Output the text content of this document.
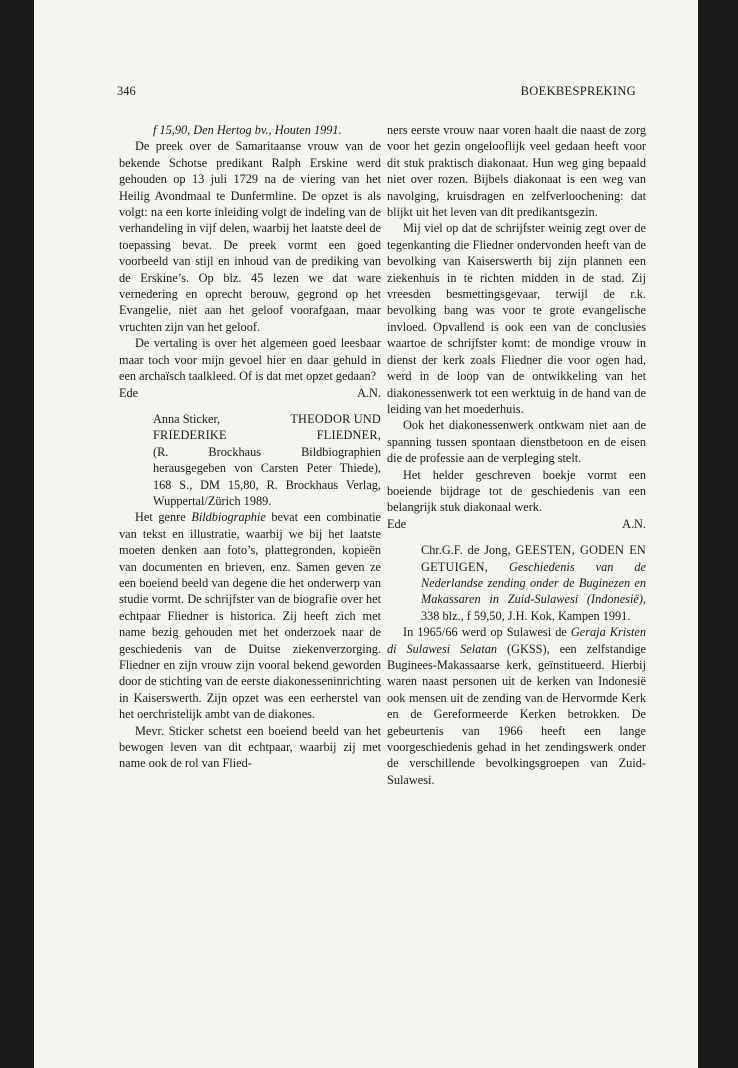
346	BOEKBESPREKING

f 15,90, Den Hertog bv., Houten 1991.

De preek over de Samaritaanse vrouw van de bekende Schotse predikant Ralph Erskine werd gehouden op 13 juli 1729 na de viering van het Heilig Avondmaal te Dunfermline. De opzet is als volgt: na een korte inleiding volgt de indeling van de verhandeling in vijf delen, waarbij het laatste deel de toepassing bevat. De preek vormt een goed voorbeeld van stijl en inhoud van de prediking van de Erskine’s. Op blz. 45 lezen we dat ware vernedering en oprecht berouw, gegrond op het Evangelie, niet aan het geloof voorafgaan, maar vruchten zijn van het geloof.

De vertaling is over het algemeen goed leesbaar maar toch voor mijn gevoel hier en daar gehuld in een archaïsch taalkleed. Of is dat met opzet gedaan?

Ede	A.N.
Anna Sticker,	THEODOR UND
FRIEDERIKE	FLIEDNER,

(R. Brockhaus Bildbiographien herausgegeben von Carsten Peter Thiede), 168 S., DM 15,80, R. Brockhaus Verlag, Wuppertal/Zürich 1989.

Het genre Bildbiographie bevat een combinatie van tekst en illustratie, waarbij we bij het laatste moeten denken aan foto’s, plattegronden, kopieën van documenten en brieven, enz. Samen geven ze een boeiend beeld van degene die het onderwerp van studie vormt. De schrijfster van de biografie over het echtpaar Fliedner is historica. Zij heeft zich met name bezig gehouden met het onderzoek naar de geschiedenis van de Duitse ziekenverzorging. Fliedner en zijn vrouw zijn vooral bekend geworden door de stichting van de eerste diakonesseninrichting in Kaiserswerth. Zijn opzet was een eerherstel van het oerchristelijk ambt van de diakones.

Mevr. Sticker schetst een boeiend beeld van het bewogen leven van dit echtpaar, waarbij zij met name ook de rol van Flied-

ners eerste vrouw naar voren haalt die naast de zorg voor het gezin ongelooflijk veel gedaan heeft voor dit stuk praktisch diakonaat. Hun weg ging bepaald niet over rozen. Bijbels diakonaat is een weg van navolging, kruisdragen en zelfverloochening: dat blijkt uit het leven van dit predikantsgezin.

Mij viel op dat de schrijfster weinig zegt over de tegenkanting die Fliedner ondervonden heeft van de bevolking van Kaiserswerth bij zijn plannen een ziekenhuis in te richten midden in de stad. Zij vreesden besmettingsgevaar, terwijl de r.k. bevolking bang was voor te grote evangelische invloed. Opvallend is ook een van de conclusies waartoe de schrijfster komt: de mondige vrouw in dienst der kerk zoals Fliedner die voor ogen had, werd in de loop van de ontwikkeling van het diakonessenwerk tot een werktuig in de hand van de leiding van het moederhuis.

Ook het diakonessenwerk ontkwam niet aan de spanning tussen spontaan dienstbetoon en de eisen die de professie aan de verpleging stelt.

Het helder geschreven boekje vormt een boeiende bijdrage tot de geschiedenis van een belangrijk stuk diakonaal werk.

Ede	A.N.

Chr.G.F. de Jong, GEESTEN, GODEN EN GETUIGEN, Geschiedenis van de Nederlandse zending onder de Buginezen en Makassaren in Zuid-Sulawesi (Indonesië), 338 blz., f 59,50, J.H. Kok, Kampen 1991.

In 1965/66 werd op Sulawesi de Geraja Kristen di Sulawesi Selatan (GKSS), een zelfstandige Buginees-Makassaarse kerk, geïnstitueerd. Hierbij waren naast personen uit de kerken van Indonesië ook mensen uit de zending van de Hervormde Kerk en de Gereformeerde Kerken betrokken. De gebeurtenis van 1966 heeft een lange voorgeschiedenis gehad in het zendingswerk onder de verschillende bevolkingsgroepen van Zuid-Sulawesi.
